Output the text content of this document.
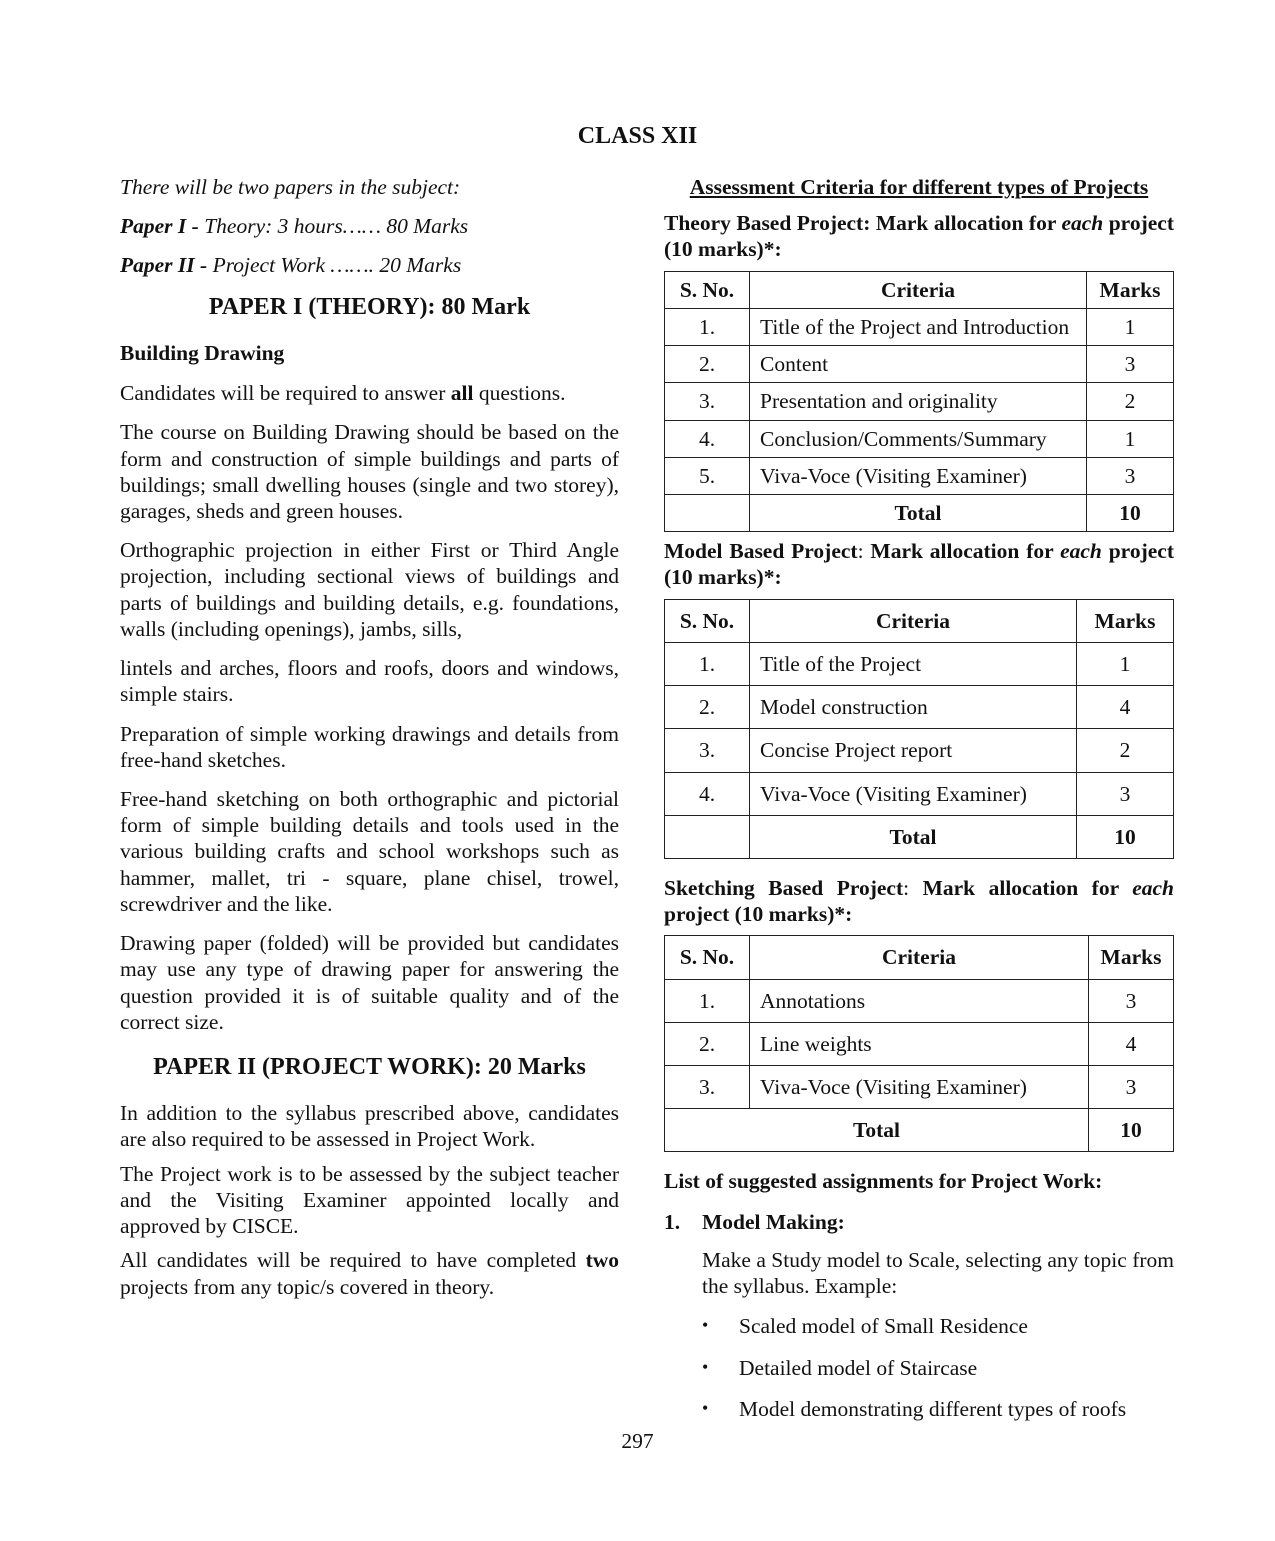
CLASS XII

There will be two papers in the subject:

Paper I - Theory: 3 hours…… 80 Marks

Paper II - Project Work ……. 20 Marks

PAPER I (THEORY): 80 Mark

Building Drawing

Candidates will be required to answer all questions.

The course on Building Drawing should be based on the form and construction of simple buildings and parts of buildings; small dwelling houses (single and two storey), garages, sheds and green houses.

Orthographic projection in either First or Third Angle projection, including sectional views of buildings and parts of buildings and building details, e.g. foundations, walls (including openings), jambs, sills,

lintels and arches, floors and roofs, doors and windows, simple stairs.

Preparation of simple working drawings and details from free-hand sketches.

Free-hand sketching on both orthographic and pictorial form of simple building details and tools used in the various building crafts and school workshops such as hammer, mallet, tri - square, plane chisel, trowel, screwdriver and the like.

Drawing paper (folded) will be provided but candidates may use any type of drawing paper for answering the question provided it is of suitable quality and of the correct size.

PAPER II (PROJECT WORK): 20 Marks

In addition to the syllabus prescribed above, candidates are also required to be assessed in Project Work.

The Project work is to be assessed by the subject teacher and the Visiting Examiner appointed locally and approved by CISCE.

All candidates will be required to have completed two projects from any topic/s covered in theory.

Assessment Criteria for different types of Projects

Theory Based Project: Mark allocation for each project (10 marks)*:

S. No.	Criteria	Marks
1.	Title of the Project and Introduction	1
2.	Content	3
3.	Presentation and originality	2
4.	Conclusion/Comments/Summary	1
5.	Viva-Voce (Visiting Examiner)	3
	Total	10

Model Based Project: Mark allocation for each project (10 marks)*:

S. No.	Criteria	Marks
1.	Title of the Project	1
2.	Model construction	4
3.	Concise Project report	2
4.	Viva-Voce (Visiting Examiner)	3
	Total	10

Sketching Based Project: Mark allocation for each project (10 marks)*:

S. No.	Criteria	Marks
1.	Annotations	3
2.	Line weights	4
3.	Viva-Voce (Visiting Examiner)	3
Total		10

List of suggested assignments for Project Work:

1.	Model Making:

Make a Study model to Scale, selecting any topic from the syllabus. Example:

•	Scaled model of Small Residence
•	Detailed model of Staircase
•	Model demonstrating different types of roofs
297
